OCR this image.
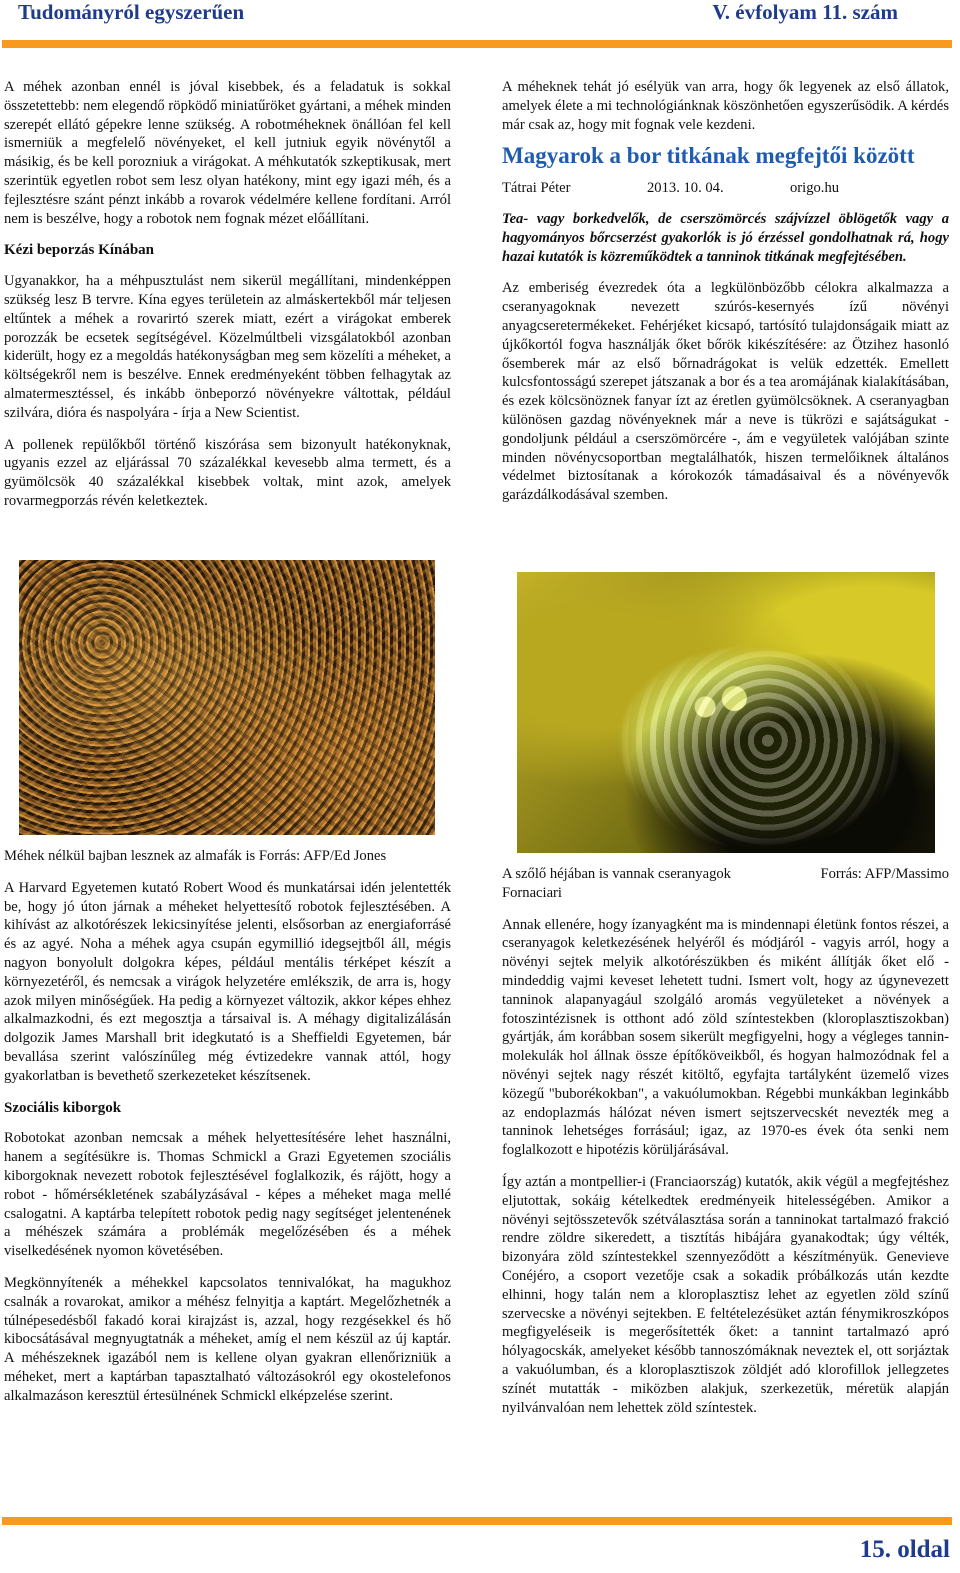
Tudományról egyszerűen	V. évfolyam 11. szám

A méhek azonban ennél is jóval kisebbek, és a feladatuk is sokkal összetettebb: nem elegendő röpködő miniatűröket gyártani, a méhek minden szerepét ellátó gépekre lenne szükség. A robotméheknek önállóan fel kell ismerniük a megfelelő növényeket, el kell jutniuk egyik növénytől a másikig, és be kell porozniuk a virágokat. A méhkutatók szkeptikusak, mert szerintük egyetlen robot sem lesz olyan hatékony, mint egy igazi méh, és a fejlesztésre szánt pénzt inkább a rovarok védelmére kellene fordítani. Arról nem is beszélve, hogy a robotok nem fognak mézet előállítani.

Kézi beporzás Kínában

Ugyanakkor, ha a méhpusztulást nem sikerül megállítani, mindenképpen szükség lesz B tervre. Kína egyes területein az almáskertekből már teljesen eltűntek a méhek a rovarirtó szerek miatt, ezért a virágokat emberek porozzák be ecsetek segítségével. Közelmúltbeli vizsgálatokból azonban kiderült, hogy ez a megoldás hatékonyságban meg sem közelíti a méheket, a költségekről nem is beszélve. Ennek eredményeként többen felhagytak az almatermesztéssel, és inkább önbeporzó növényekre váltottak, például szilvára, dióra és naspolyára - írja a New Scientist.

A pollenek repülőkből történő kiszórása sem bizonyult hatékonyknak, ugyanis ezzel az eljárással 70 százalékkal kevesebb alma termett, és a gyümölcsök 40 százalékkal kisebbek voltak, mint azok, amelyek rovarmegporzás révén keletkeztek.

Méhek nélkül bajban lesznek az almafák is Forrás: AFP/Ed Jones

A Harvard Egyetemen kutató Robert Wood és munkatársai idén jelentették be, hogy jó úton járnak a méheket helyettesítő robotok fejlesztésében. A kihívást az alkotórészek lekicsinyítése jelenti, elsősorban az energiaforrásé és az agyé. Noha a méhek agya csupán egymillió idegsejtből áll, mégis nagyon bonyolult dolgokra képes, például mentális térképet készít a környezetéről, és nemcsak a virágok helyzetére emlékszik, de arra is, hogy azok milyen minőségűek. Ha pedig a környezet változik, akkor képes ehhez alkalmazkodni, és ezt megosztja a társaival is. A méhagy digitalizálásán dolgozik James Marshall brit idegkutató is a Sheffieldi Egyetemen, bár bevallása szerint valószínűleg még évtizedekre vannak attól, hogy gyakorlatban is bevethető szerkezeteket készítsenek.

Szociális kiborgok

Robotokat azonban nemcsak a méhek helyettesítésére lehet használni, hanem a segítésükre is. Thomas Schmickl a Grazi Egyetemen szociális kiborgoknak nevezett robotok fejlesztésével foglalkozik, és rájött, hogy a robot - hőmérsékletének szabályzásával - képes a méheket maga mellé csalogatni. A kaptárba telepített robotok pedig nagy segítséget jelentenének a méhészek számára a problémák megelőzésében és a méhek viselkedésének nyomon követésében.

Megkönnyítenék a méhekkel kapcsolatos tennivalókat, ha magukhoz csalnák a rovarokat, amikor a méhész felnyitja a kaptárt. Megelőzhetnék a túlnépesedésből fakadó korai kirajzást is, azzal, hogy rezgésekkel és hő kibocsátásával megnyugtatnák a méheket, amíg el nem készül az új kaptár. A méhészeknek igazából nem is kellene olyan gyakran ellenőrizniük a méheket, mert a kaptárban tapasztalható változásokról egy okostelefonos alkalmazáson keresztül értesülnének Schmickl elképzelése szerint.

A méheknek tehát jó esélyük van arra, hogy ők legyenek az első állatok, amelyek élete a mi technológiánknak köszönhetően egyszerűsödik. A kérdés már csak az, hogy mit fognak vele kezdeni.

Magyarok a bor titkának megfejtői között
Tátrai Péter	2013. 10. 04.	origo.hu

Tea- vagy borkedvelők, de cserszömörcés szájvízzel öblögetők vagy a hagyományos bőrcserzést gyakorlók is jó érzéssel gondolhatnak rá, hogy hazai kutatók is közreműködtek a tanninok titkának megfejtésében.

Az emberiség évezredek óta a legkülönbözőbb célokra alkalmazza a cseranyagoknak nevezett szúrós-kesernyés ízű növényi anyagcseretermékeket. Fehérjéket kicsapó, tartósító tulajdonságaik miatt az újkőkortól fogva használják őket bőrök kikészítésére: az Ötzihez hasonló ősemberek már az első bőrnadrágokat is velük edzették. Emellett kulcsfontosságú szerepet játszanak a bor és a tea aromájának kialakításában, és ezek kölcsönöznek fanyar ízt az éretlen gyümölcsöknek. A cseranyagban különösen gazdag növényeknek már a neve is tükrözi e sajátságukat - gondoljunk például a cserszömörcére -, ám e vegyületek valójában szinte minden növénycsoportban megtalálhatók, hiszen termelőiknek általános védelmet biztosítanak a kórokozók támadásaival és a növényevők garázdálkodásával szemben.

A szőlő héjában is vannak cseranyagok	Forrás: AFP/Massimo
Fornaciari

Annak ellenére, hogy ízanyagként ma is mindennapi életünk fontos részei, a cseranyagok keletkezésének helyéről és módjáról - vagyis arról, hogy a növényi sejtek melyik alkotórészükben és miként állítják őket elő - mindeddig vajmi keveset lehetett tudni. Ismert volt, hogy az úgynevezett tanninok alapanyagául szolgáló aromás vegyületeket a növények a fotoszintézisnek is otthont adó zöld színtestekben (kloroplasztiszokban) gyártják, ám korábban sosem sikerült megfigyelni, hogy a végleges tannin-molekulák hol állnak össze építőköveikből, és hogyan halmozódnak fel a növényi sejtek nagy részét kitöltő, egyfajta tartályként üzemelő vizes közegű "buborékokban", a vakuólumokban. Régebbi munkákban leginkább az endoplazmás hálózat néven ismert sejtszervecskét nevezték meg a tanninok lehetséges forrásául; igaz, az 1970-es évek óta senki nem foglalkozott e hipotézis körüljárásával.

Így aztán a montpellier-i (Franciaország) kutatók, akik végül a megfejtéshez eljutottak, sokáig kételkedtek eredményeik hitelességében. Amikor a növényi sejtösszetevők szétválasztása során a tanninokat tartalmazó frakció rendre zöldre sikeredett, a tisztítás hibájára gyanakodtak; úgy vélték, bizonyára zöld színtestekkel szennyeződött a készítményük. Genevieve Conéjéro, a csoport vezetője csak a sokadik próbálkozás után kezdte elhinni, hogy talán nem a kloroplasztisz lehet az egyetlen zöld színű szervecske a növényi sejtekben. E feltételezésüket aztán fénymikroszkópos megfigyeléseik is megerősítették őket: a tannint tartalmazó apró hólyagocskák, amelyeket később tannoszómáknak neveztek el, ott sorjáztak a vakuólumban, és a kloroplasztiszok zöldjét adó klorofillok jellegzetes színét mutatták - miközben alakjuk, szerkezetük, méretük alapján nyilvánvalóan nem lehettek zöld színtestek.

15. oldal
